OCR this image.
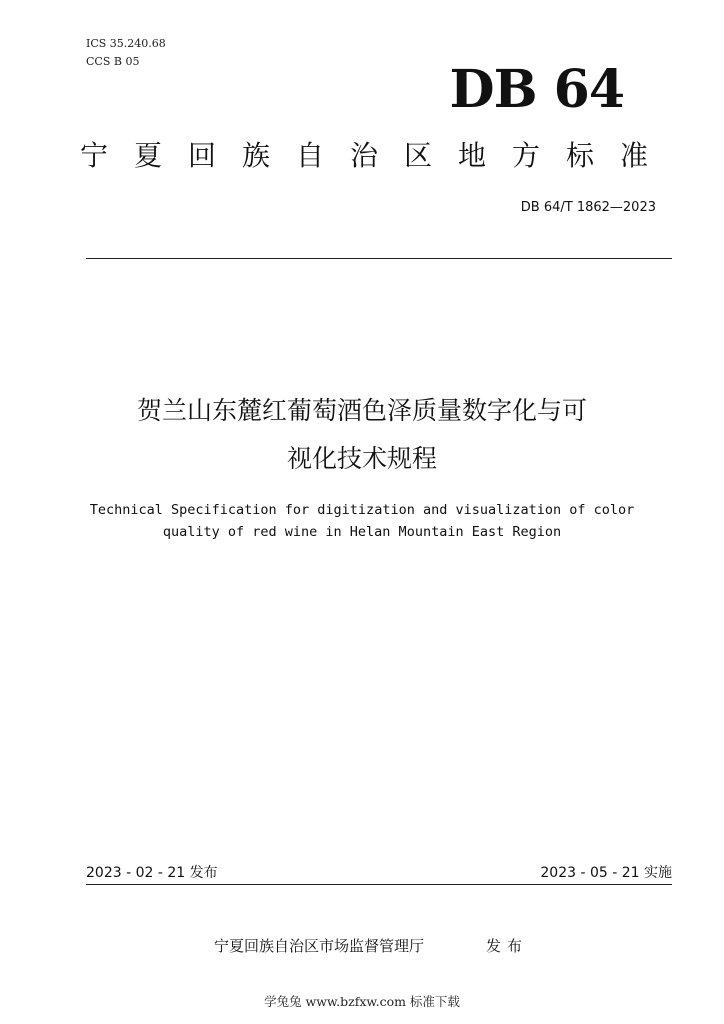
ICS 35.240.68
CCS B 05	DB 64
宁夏回族自治区地方标准
DB 64/T 1862—2023
贺兰山东麓红葡萄酒色泽质量数字化与可
视化技术规程
Technical Specification for digitization and visualization of color
quality of red wine in Helan Mountain East Region
2023 - 02 - 21 发布	2023 - 05 - 21 实施
宁夏回族自治区市场监督管理厅	发布
学兔兔 www.bzfxw.com 标准下载
